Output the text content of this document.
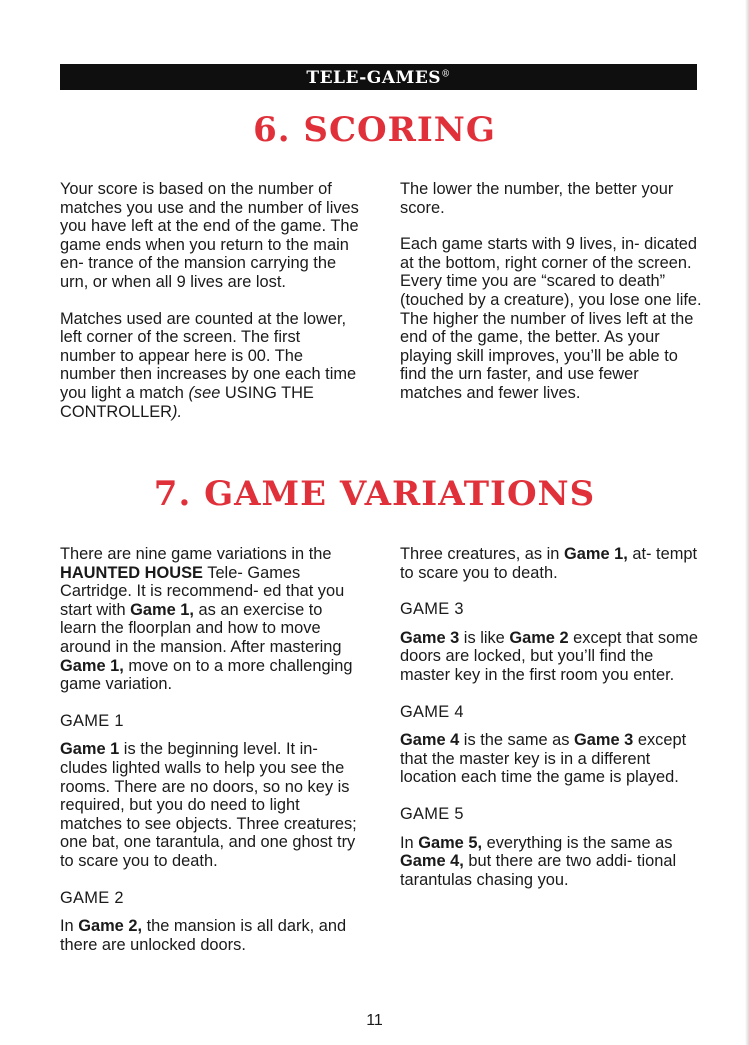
TELE-GAMES®
6. SCORING

Your score is based on the number of matches you use and the number of lives you have left at the end of the game. The game ends when you return to the main en- trance of the mansion carrying the urn, or when all 9 lives are lost.

Matches used are counted at the lower, left corner of the screen. The first number to appear here is 00. The number then increases by one each time you light a match (see USING THE CONTROLLER).

The lower the number, the better your score.

Each game starts with 9 lives, in- dicated at the bottom, right corner of the screen. Every time you are “scared to death” (touched by a creature), you lose one life. The higher the number of lives left at the end of the game, the better. As your playing skill improves, you’ll be able to find the urn faster, and use fewer matches and fewer lives.

7. GAME VARIATIONS

There are nine game variations in the HAUNTED HOUSE Tele- Games Cartridge. It is recommend- ed that you start with Game 1, as an exercise to learn the floorplan and how to move around in the mansion. After mastering Game 1, move on to a more challenging game variation.

GAME 1

Game 1 is the beginning level. It in- cludes lighted walls to help you see the rooms. There are no doors, so no key is required, but you do need to light matches to see objects. Three creatures; one bat, one tarantula, and one ghost try to scare you to death.

GAME 2

In Game 2, the mansion is all dark, and there are unlocked doors.

Three creatures, as in Game 1, at- tempt to scare you to death.

GAME 3

Game 3 is like Game 2 except that some doors are locked, but you’ll find the master key in the first room you enter.

GAME 4

Game 4 is the same as Game 3 except that the master key is in a different location each time the game is played.

GAME 5

In Game 5, everything is the same as Game 4, but there are two addi- tional tarantulas chasing you.

11
